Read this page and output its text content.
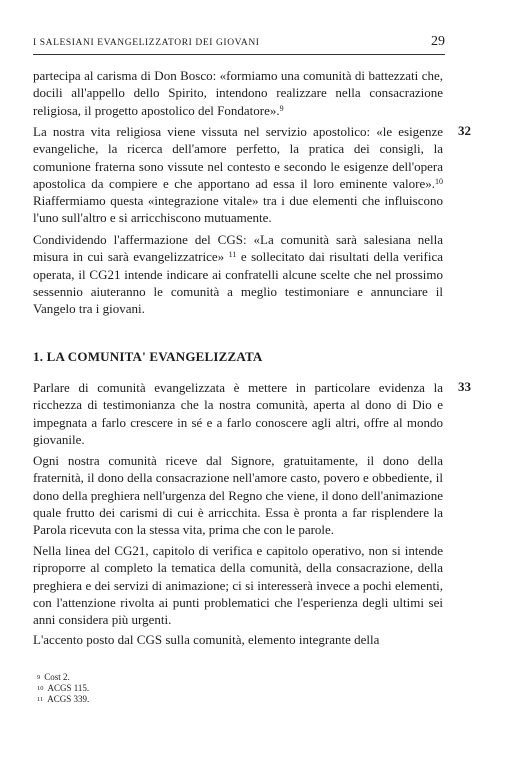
I SALESIANI EVANGELIZZATORI DEI GIOVANI	29

partecipa al carisma di Don Bosco: «formiamo una comunità di battezzati che, docili all'appello dello Spirito, intendono realizzare nella consacrazione religiosa, il progetto apostolico del Fondatore».$^9$

La nostra vita religiosa viene vissuta nel servizio apostolico: «le esigenze evangeliche, la ricerca dell'amore perfetto, la pratica dei consigli, la comunione fraterna sono vissute nel contesto e secondo le esigenze dell'opera apostolica da compiere e che apportano ad essa il loro eminente valore».$^{10}$ Riaffermiamo questa «integrazione vitale» tra i due elementi che influiscono l'uno sull'altro e si arricchiscono mutuamente.

32

Condividendo l'affermazione del CGS: «La comunità sarà salesiana nella misura in cui sarà evangelizzatrice» $^{11}$ e sollecitato dai risultati della verifica operata, il CG21 intende indicare ai confratelli alcune scelte che nel prossimo sessennio aiuteranno le comunità a meglio testimoniare e annunciare il Vangelo tra i giovani.

1. LA COMUNITA' EVANGELIZZATA

Parlare di comunità evangelizzata è mettere in particolare evidenza la ricchezza di testimonianza che la nostra comunità, aperta al dono di Dio e impegnata a farlo crescere in sé e a farlo conoscere agli altri, offre al mondo giovanile.

33

Ogni nostra comunità riceve dal Signore, gratuitamente, il dono della fraternità, il dono della consacrazione nell'amore casto, povero e obbediente, il dono della preghiera nell'urgenza del Regno che viene, il dono dell'animazione quale frutto dei carismi di cui è arricchita. Essa è pronta a far risplendere la Parola ricevuta con la stessa vita, prima che con le parole.

Nella linea del CG21, capitolo di verifica e capitolo operativo, non si intende riproporre al completo la tematica della comunità, della consacrazione, della preghiera e dei servizi di animazione; ci si interesserà invece a pochi elementi, con l'attenzione rivolta ai punti problematici che l'esperienza degli ultimi sei anni considera più urgenti.

L'accento posto dal CGS sulla comunità, elemento integrante della

$^9$ Cost 2.
$^{10}$ ACGS 115.
$^{11}$ ACGS 339.
